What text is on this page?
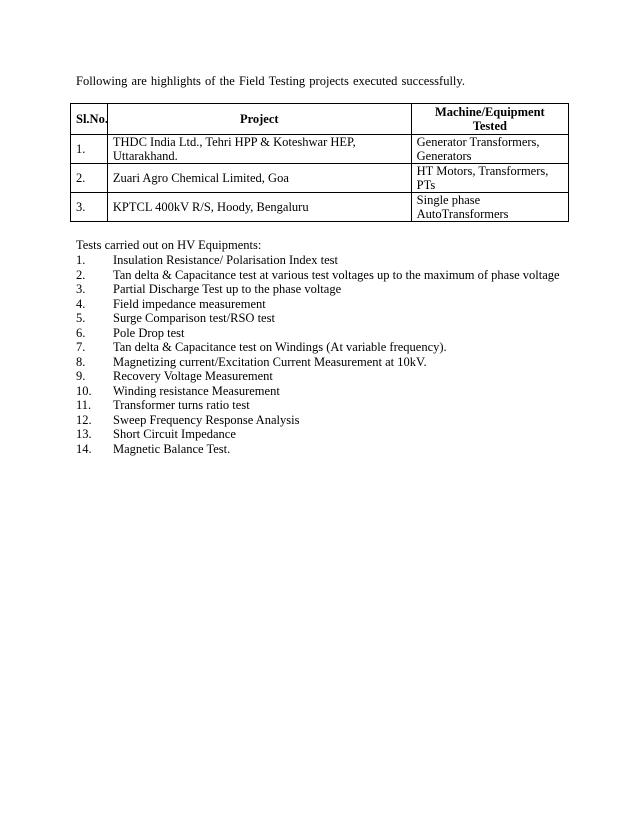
Following are highlights of the Field Testing projects executed successfully.
Sl.No.	Project	Machine/Equipment
Tested

1.	THDC India Ltd., Tehri HPP & Koteshwar HEP, Uttarakhand.	Generator Transformers, Generators
2.	Zuari Agro Chemical Limited, Goa	HT Motors, Transformers, PTs
3.	KPTCL 400kV R/S, Hoody, Bengaluru	Single phase AutoTransformers
Tests carried out on HV Equipments:
1. Insulation Resistance/ Polarisation Index test
2. Tan delta & Capacitance test at various test voltages up to the maximum of phase voltage
3. Partial Discharge Test up to the phase voltage
4. Field impedance measurement
5. Surge Comparison test/RSO test
6. Pole Drop test
7. Tan delta & Capacitance test on Windings (At variable frequency).
8. Magnetizing current/Excitation Current Measurement at 10kV.
9. Recovery Voltage Measurement
10. Winding resistance Measurement
11. Transformer turns ratio test
12. Sweep Frequency Response Analysis
13. Short Circuit Impedance
14. Magnetic Balance Test.
